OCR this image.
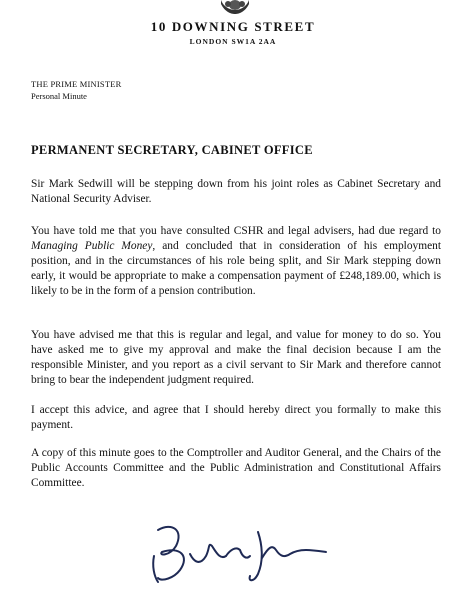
10 DOWNING STREET
LONDON SW1A 2AA
THE PRIME MINISTER
Personal Minute
PERMANENT SECRETARY, CABINET OFFICE
Sir Mark Sedwill will be stepping down from his joint roles as Cabinet Secretary and National Security Adviser.
You have told me that you have consulted CSHR and legal advisers, had due regard to Managing Public Money, and concluded that in consideration of his employment position, and in the circumstances of his role being split, and Sir Mark stepping down early, it would be appropriate to make a compensation payment of £248,189.00, which is likely to be in the form of a pension contribution.
You have advised me that this is regular and legal, and value for money to do so. You have asked me to give my approval and make the final decision because I am the responsible Minister, and you report as a civil servant to Sir Mark and therefore cannot bring to bear the independent judgment required.
I accept this advice, and agree that I should hereby direct you formally to make this payment.
A copy of this minute goes to the Comptroller and Auditor General, and the Chairs of the Public Accounts Committee and the Public Administration and Constitutional Affairs Committee.
